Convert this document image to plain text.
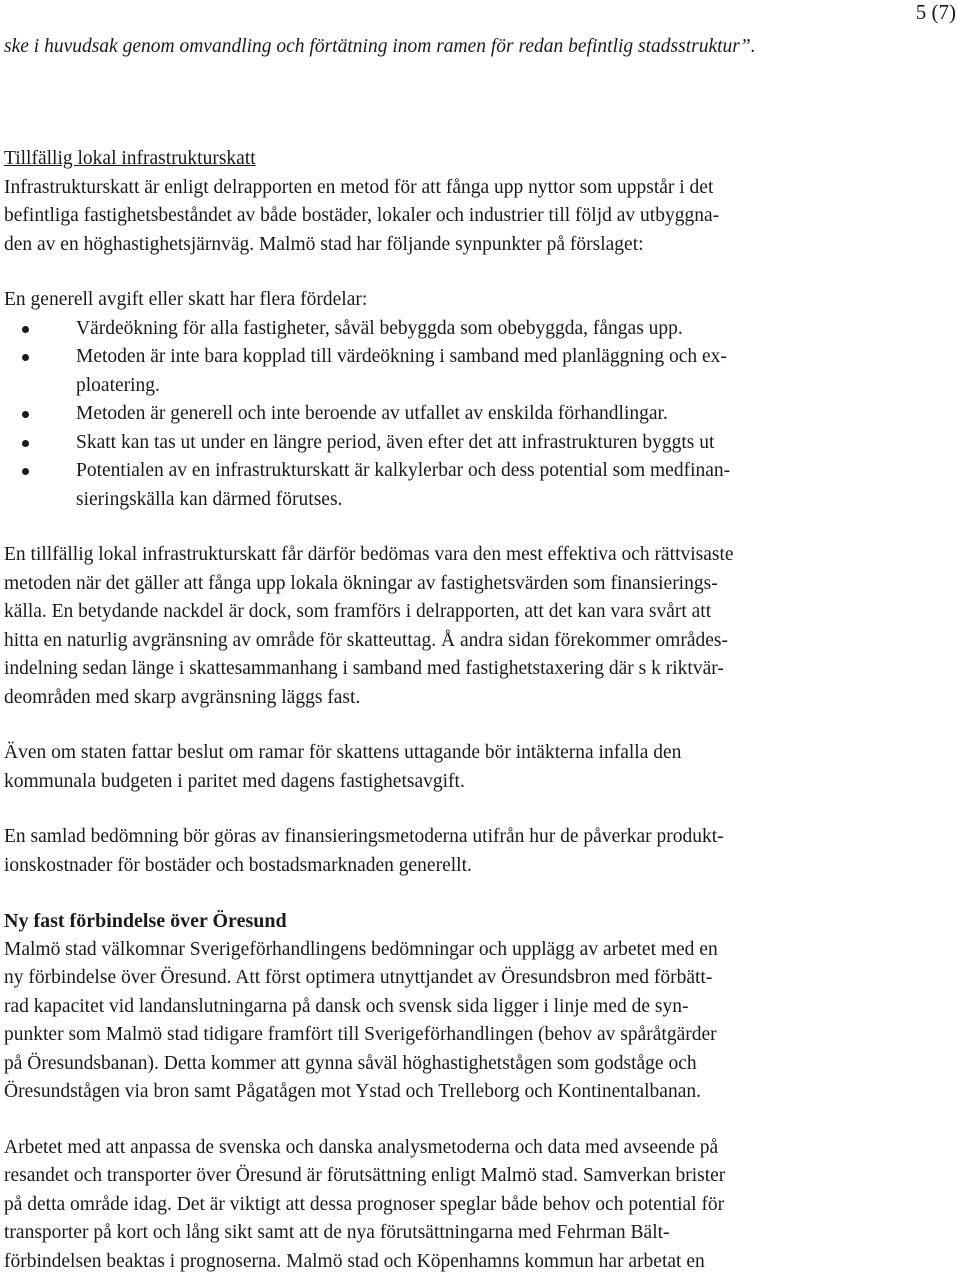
5 (7)
ske i huvudsak genom omvandling och förtätning inom ramen för redan befintlig stadsstruktur”.
Tillfällig lokal infrastrukturskatt
Infrastrukturskatt är enligt delrapporten en metod för att fånga upp nyttor som uppstår i det
befintliga fastighetsbeståndet av både bostäder, lokaler och industrier till följd av utbyggna-
den av en höghastighetsjärnväg. Malmö stad har följande synpunkter på förslaget:
En generell avgift eller skatt har flera fördelar:
Värdeökning för alla fastigheter, såväl bebyggda som obebyggda, fångas upp.
Metoden är inte bara kopplad till värdeökning i samband med planläggning och ex-
ploatering.
Metoden är generell och inte beroende av utfallet av enskilda förhandlingar.
Skatt kan tas ut under en längre period, även efter det att infrastrukturen byggts ut
Potentialen av en infrastrukturskatt är kalkylerbar och dess potential som medfinan-
sieringskälla kan därmed förutses.
En tillfällig lokal infrastrukturskatt får därför bedömas vara den mest effektiva och rättvisaste
metoden när det gäller att fånga upp lokala ökningar av fastighetsvärden som finansierings-
källa. En betydande nackdel är dock, som framförs i delrapporten, att det kan vara svårt att
hitta en naturlig avgränsning av område för skatteuttag. Å andra sidan förekommer områdes-
indelning sedan länge i skattesammanhang i samband med fastighetstaxering där s k riktvär-
deområden med skarp avgränsning läggs fast.
Även om staten fattar beslut om ramar för skattens uttagande bör intäkterna infalla den
kommunala budgeten i paritet med dagens fastighetsavgift.
En samlad bedömning bör göras av finansieringsmetoderna utifrån hur de påverkar produkt-
ionskostnader för bostäder och bostadsmarknaden generellt.
Ny fast förbindelse över Öresund
Malmö stad välkomnar Sverigeförhandlingens bedömningar och upplägg av arbetet med en
ny förbindelse över Öresund. Att först optimera utnyttjandet av Öresundsbron med förbätt-
rad kapacitet vid landanslutningarna på dansk och svensk sida ligger i linje med de syn-
punkter som Malmö stad tidigare framfört till Sverigeförhandlingen (behov av spåråtgärder
på Öresundsbanan). Detta kommer att gynna såväl höghastighetstågen som godståge och
Öresundstågen via bron samt Pågatågen mot Ystad och Trelleborg och Kontinentalbanan.
Arbetet med att anpassa de svenska och danska analysmetoderna och data med avseende på
resandet och transporter över Öresund är förutsättning enligt Malmö stad. Samverkan brister
på detta område idag. Det är viktigt att dessa prognoser speglar både behov och potential för
transporter på kort och lång sikt samt att de nya förutsättningarna med Fehrman Bält-
förbindelsen beaktas i prognoserna. Malmö stad och Köpenhamns kommun har arbetat en
